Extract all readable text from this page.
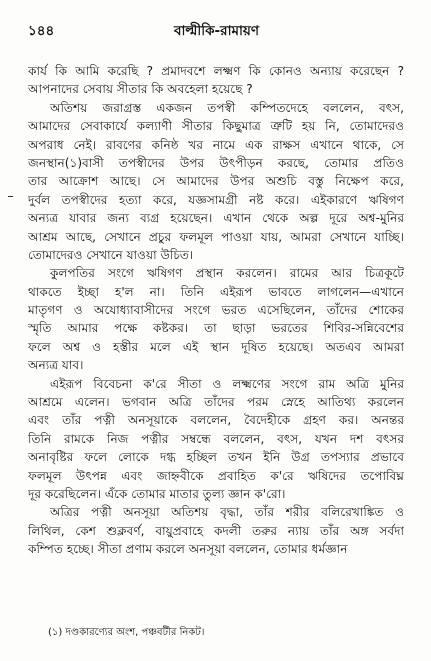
১৪৪	বাল্মীকি-রামায়ণ
কার্য কি আমি করেছি ? প্রমাদবশে লক্ষ্মণ কি কোনও অন্যায় করেছেন ?
আপনাদের সেবায় সীতার কি অবহেলা হয়েছে ?
অতিশয় জরাগ্রস্ত একজন তপস্বী কম্পিতদেহে বললেন, বৎস,
আমাদের সেবাকার্যে কল্যাণী সীতার কিছুমাত্র ত্রুটি হয় নি, তোমাদেরও
অপরাধ নেই। রাবণের কনিষ্ঠ খর নামে এক রাক্ষস এখানে থাকে, সে
জনস্থান(১)বাসী তপস্বীদের উপর উৎপীড়ন করছে, তোমার প্রতিও
তার আক্রোশ আছে। সে আমাদের উপর অশুচি বস্তু নিক্ষেপ করে,
দুর্বল তপস্বীদের হত্যা করে, যজ্ঞসামগ্রী নষ্ট করে। এইকারণে ঋষিগণ
অন্যত্র যাবার জন্য ব্যগ্র হয়েছেন। এখান থেকে অল্প দূরে অশ্ব-মুনির
আশ্রম আছে, সেখানে প্রচুর ফলমূল পাওয়া যায়, আমরা সেখানে যাচ্ছি।
তোমাদেরও সেখানে যাওয়া উচিত।
কুলপতির সংগে ঋষিগণ প্রস্থান করলেন। রামের আর চিত্রকূটে
থাকতে ইচ্ছা হ'ল না। তিনি এইরূপ ভাবতে লাগলেন—এখানে
মাতৃগণ ও অযোধ্যাবাসীদের সংগে ভরত এসেছিলেন, তাঁদের শোকের
স্মৃতি আমার পক্ষে কষ্টকর। তা ছাড়া ভরতের শিবির-সন্নিবেশের
ফলে অশ্ব ও হস্তীর মলে এই স্থান দূষিত হয়েছে। অতএব আমরা
অন্যত্র যাব।
এইরূপ বিবেচনা ক'রে সীতা ও লক্ষ্মণের সংগে রাম অত্রি মুনির
আশ্রমে এলেন। ভগবান অত্রি তাঁদের পরম স্নেহে আতিথ্য করলেন
এবং তাঁর পত্নী অনসূয়াকে বললেন, বৈদেহীকে গ্রহণ কর। অনন্তর
তিনি রামকে নিজ পত্নীর সম্বন্ধে বললেন, বৎস, যখন দশ বৎসর
অনাবৃষ্টির ফলে লোকে দগ্ধ হচ্ছিল তখন ইনি উগ্র তপস্যার প্রভাবে
ফলমূল উৎপন্ন এবং জাহ্নবীকে প্রবাহিত ক'রে ঋষিদের তপোবিঘ্ন
দূর করেছিলেন। এঁকে তোমার মাতার তুল্য জ্ঞান ক'রো।
অত্রির পত্নী অনসূয়া অতিশয় বৃদ্ধা, তাঁর শরীর বলিরেখাঙ্কিত ও
লিথিল, কেশ শুক্লবর্ণ, বায়ুপ্রবাহে কদলী তরুর ন্যায় তাঁর অঙ্গ সর্বদা
কম্পিত হচ্ছে। সীতা প্রণাম করলে অনসূয়া বললেন, তোমার ধর্মজ্ঞান
(১) দণ্ডকারণ্যের অংশ, পঞ্চবটীর নিকট।
